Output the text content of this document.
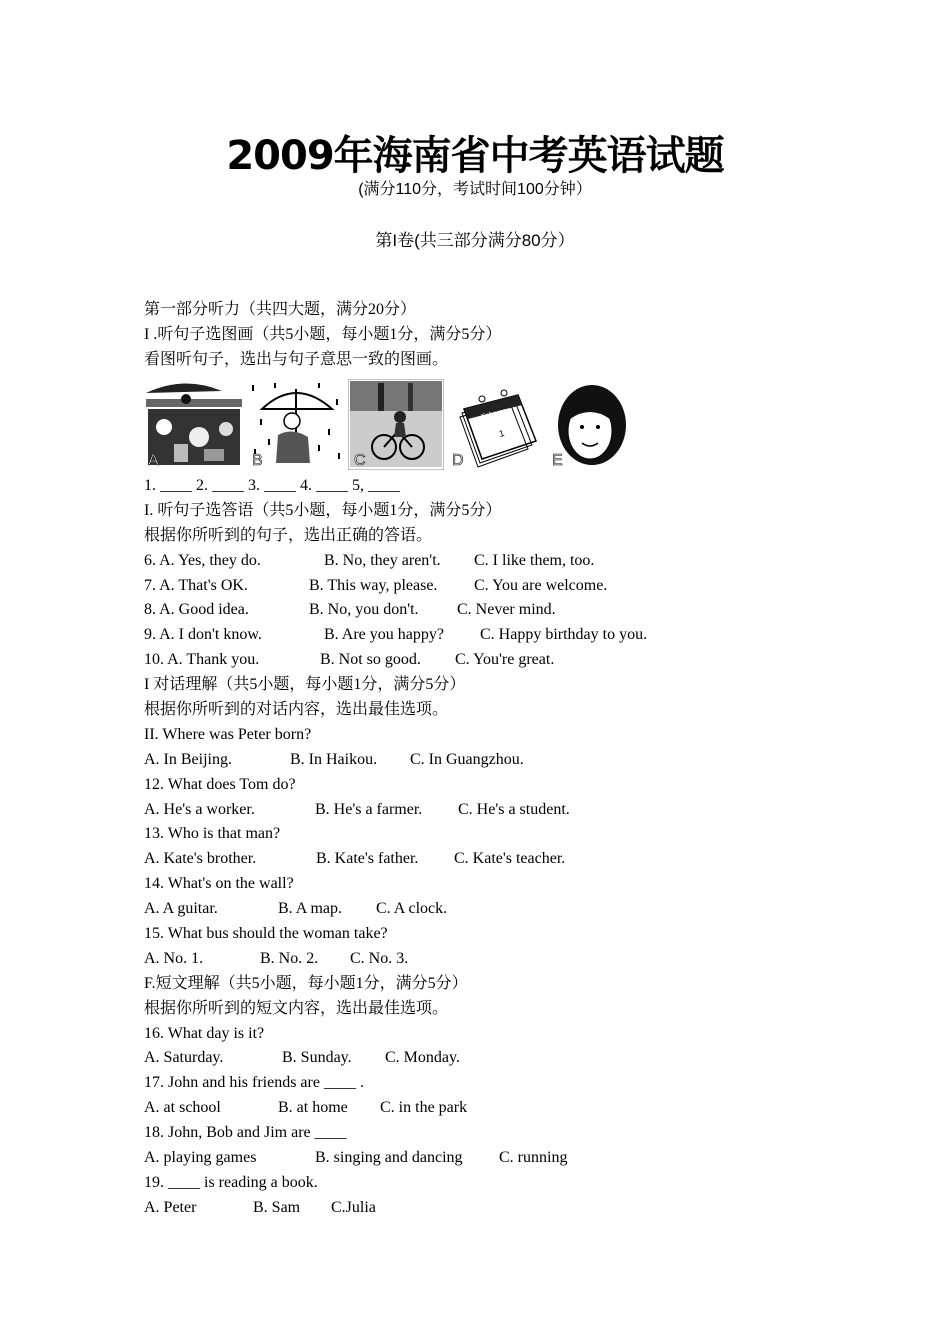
2009年海南省中考英语试题
(满分110分，考试时间100分钟）
第I卷(共三部分满分80分）
第一部分听力（共四大题，满分20分）
I .听句子选图画（共5小题，每小题1分，满分5分）
看图听句子，选出与句子意思一致的图画。
A	B	C
February
1
D	E
1. ____ 2. ____ 3. ____ 4. ____ 5, ____
I. 听句子选答语（共5小题，每小题1分，满分5分）
根据你所听到的句子，选出正确的答语。
6. A. Yes, they do.	B. No, they aren't. C. I like them, too.
7. A. That's OK.	B. This way, please. C. You are welcome.
8. A. Good idea.	B. No, you don't. C. Never mind.
9. A. I don't know.	B. Are you happy? C. Happy birthday to you.
10. A. Thank you.	B. Not so good. C. You're great.
I 对话理解（共5小题，每小题1分，满分5分）
根据你所听到的对话内容，选出最佳选项。
II. Where was Peter born?
A. In Beijing.	B. In Haikou. C. In Guangzhou.
12. What does Tom do?
A. He's a worker.	B. He's a farmer. C. He's a student.
13. Who is that man?
A. Kate's brother.	B. Kate's father. C. Kate's teacher.
14. What's on the wall?
A. A guitar.	B. A map. C. A clock.
15. What bus should the woman take?
A. No. 1.	B. No. 2. C. No. 3.
F.短文理解（共5小题，每小题1分，满分5分）
根据你所听到的短文内容，选出最佳选项。
16. What day is it?
A. Saturday.	B. Sunday. C. Monday.
17. John and his friends are ____ .
A. at school	B. at home C. in the park
18. John, Bob and Jim are ____
A. playing games	B. singing and dancing C. running
19. ____ is reading a book.
A. Peter	B. Sam C.Julia
